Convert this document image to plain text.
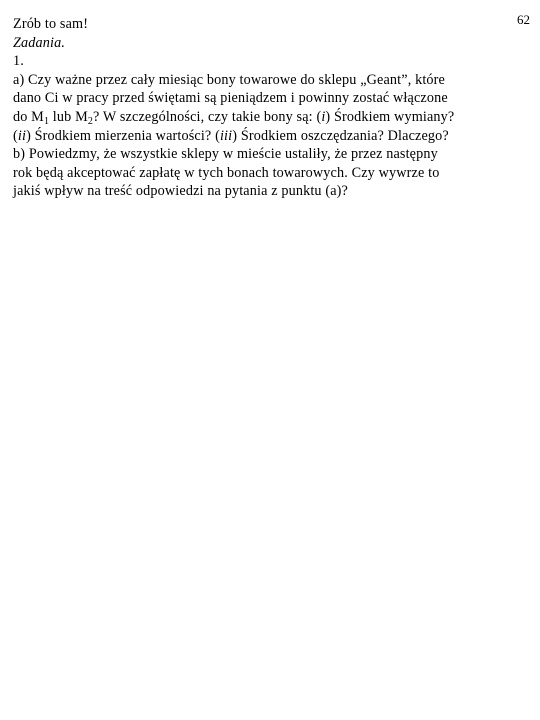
62
Zrób to sam!
Zadania.
1.
a) Czy ważne przez cały miesiąc bony towarowe do sklepu „Geant”, które
dano Ci w pracy przed świętami są pieniądzem i powinny zostać włączone
do $M_1$ lub $M_2$? W szczególności, czy takie bony są: (i) Środkiem wymiany?
(ii) Środkiem mierzenia wartości? (iii) Środkiem oszczędzania? Dlaczego?
b) Powiedzmy, że wszystkie sklepy w mieście ustaliły, że przez następny
rok będą akceptować zapłatę w tych bonach towarowych. Czy wywrze to
jakiś wpływ na treść odpowiedzi na pytania z punktu (a)?
